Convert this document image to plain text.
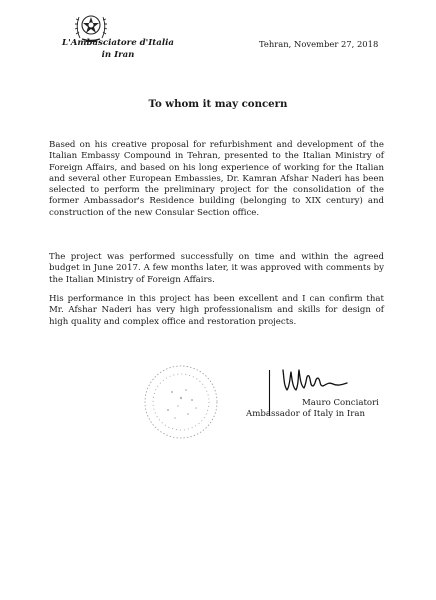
L'Ambasciatore d'Italia
in Iran
Tehran, November 27, 2018
To whom it may concern

Based on his creative proposal for refurbishment and development of the Italian Embassy Compound in Tehran, presented to the Italian Ministry of Foreign Affairs, and based on his long experience of working for the Italian and several other European Embassies, Dr. Kamran Afshar Naderi has been selected to perform the preliminary project for the consolidation of the former Ambassador's Residence building (belonging to XIX century) and construction of the new Consular Section office.

The project was performed successfully on time and within the agreed budget in June 2017. A few months later, it was approved with comments by the Italian Ministry of Foreign Affairs.

His performance in this project has been excellent and I can confirm that Mr. Afshar Naderi has very high professionalism and skills for design of high quality and complex office and restoration projects.

Mauro Conciatori
Ambassador of Italy in Iran
